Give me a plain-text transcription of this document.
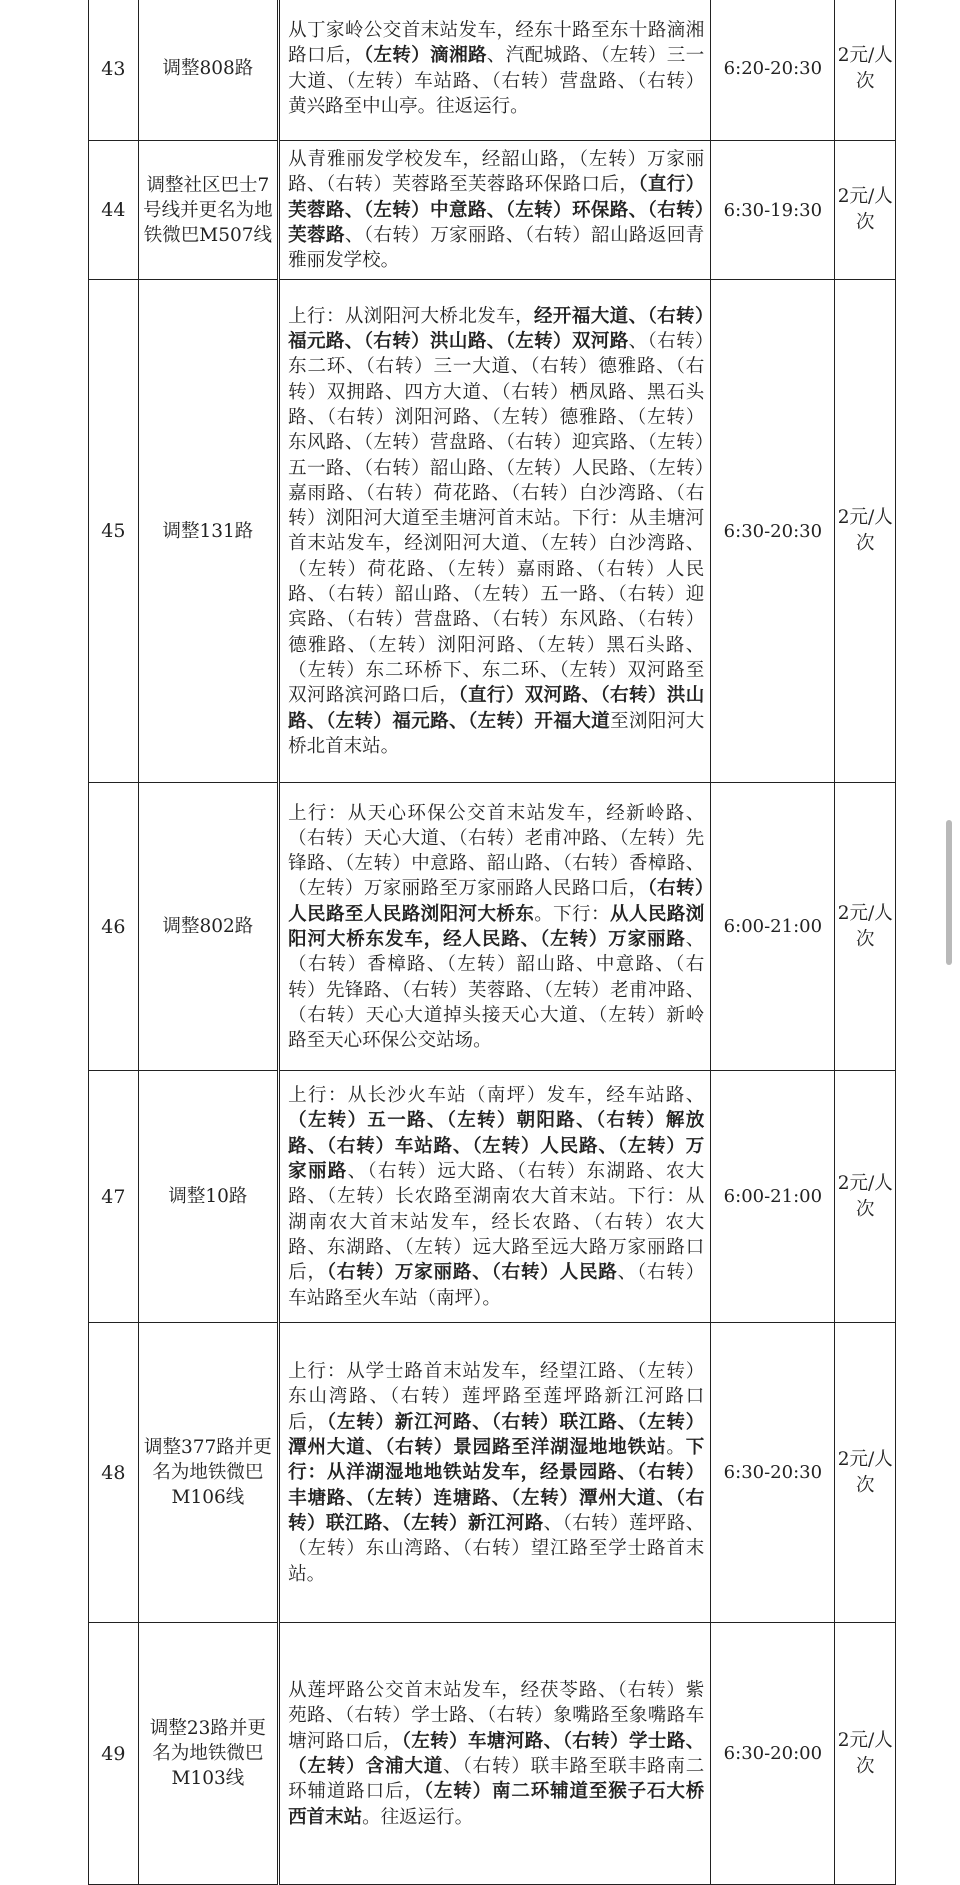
43	调整808路	从丁家岭公交首末站发车，经东十路至东十路滴湘路口后，（左转）滴湘路、汽配城路、（左转）三一大道、（左转）车站路、（右转）营盘路、（右转）黄兴路至中山亭。往返运行。	6:20-20:30	2元/人次
44	调整社区巴士7号线并更名为地铁微巴M507线	从青雅丽发学校发车，经韶山路，（左转）万家丽路、（右转）芙蓉路至芙蓉路环保路口后，（直行）芙蓉路、（左转）中意路、（左转）环保路、（右转）芙蓉路、（右转）万家丽路、（右转）韶山路返回青雅丽发学校。	6:30-19:30	2元/人次
45	调整131路	上行：从浏阳河大桥北发车，经开福大道、（右转）福元路、（右转）洪山路、（左转）双河路、（右转）东二环、（右转）三一大道、（右转）德雅路、（右转）双拥路、四方大道、（右转）栖凤路、黑石头路、（右转）浏阳河路、（左转）德雅路、（左转）东风路、（左转）营盘路、（右转）迎宾路、（左转）五一路、（右转）韶山路、（左转）人民路、（左转）嘉雨路、（右转）荷花路、（右转）白沙湾路、（右转）浏阳河大道至圭塘河首末站。下行：从圭塘河首末站发车，经浏阳河大道、（左转）白沙湾路、（左转）荷花路、（左转）嘉雨路、（右转）人民路、（右转）韶山路、（左转）五一路、（右转）迎宾路、（右转）营盘路、（右转）东风路、（右转）德雅路、（左转）浏阳河路、（左转）黑石头路、（左转）东二环桥下、东二环、（左转）双河路至双河路滨河路口后，（直行）双河路、（右转）洪山路、（左转）福元路、（左转）开福大道至浏阳河大桥北首末站。	6:30-20:30	2元/人次
46	调整802路	上行：从天心环保公交首末站发车，经新岭路、（右转）天心大道、（右转）老甫冲路、（左转）先锋路、（左转）中意路、韶山路、（右转）香樟路、（左转）万家丽路至万家丽路人民路口后，（右转）人民路至人民路浏阳河大桥东。下行：从人民路浏阳河大桥东发车，经人民路、（左转）万家丽路、（右转）香樟路、（左转）韶山路、中意路、（右转）先锋路、（右转）芙蓉路、（左转）老甫冲路、（右转）天心大道掉头接天心大道、（左转）新岭路至天心环保公交站场。	6:00-21:00	2元/人次
47	调整10路	上行：从长沙火车站（南坪）发车，经车站路、（左转）五一路、（左转）朝阳路、（右转）解放路、（右转）车站路、（左转）人民路、（左转）万家丽路、（右转）远大路、（右转）东湖路、农大路、（左转）长农路至湖南农大首末站。下行：从湖南农大首末站发车，经长农路、（右转）农大路、东湖路、（左转）远大路至远大路万家丽路口后，（右转）万家丽路、（右转）人民路、（右转）车站路至火车站（南坪）。	6:00-21:00	2元/人次
48	调整377路并更名为地铁微巴M106线	上行：从学士路首末站发车，经望江路、（左转）东山湾路、（右转）莲坪路至莲坪路新江河路口后，（左转）新江河路、（右转）联江路、（左转）潭州大道、（右转）景园路至洋湖湿地地铁站。下行：从洋湖湿地地铁站发车，经景园路、（右转）丰塘路、（左转）连塘路、（左转）潭州大道、（右转）联江路、（左转）新江河路、（右转）莲坪路、（左转）东山湾路、（右转）望江路至学士路首末站。	6:30-20:30	2元/人次
49	调整23路并更名为地铁微巴M103线	从莲坪路公交首末站发车，经茯苓路、（右转）紫苑路、（右转）学士路、（右转）象嘴路至象嘴路车塘河路口后，（左转）车塘河路、（右转）学士路、（左转）含浦大道、（右转）联丰路至联丰路南二环辅道路口后，（左转）南二环辅道至猴子石大桥西首末站。往返运行。	6:30-20:00	2元/人次
